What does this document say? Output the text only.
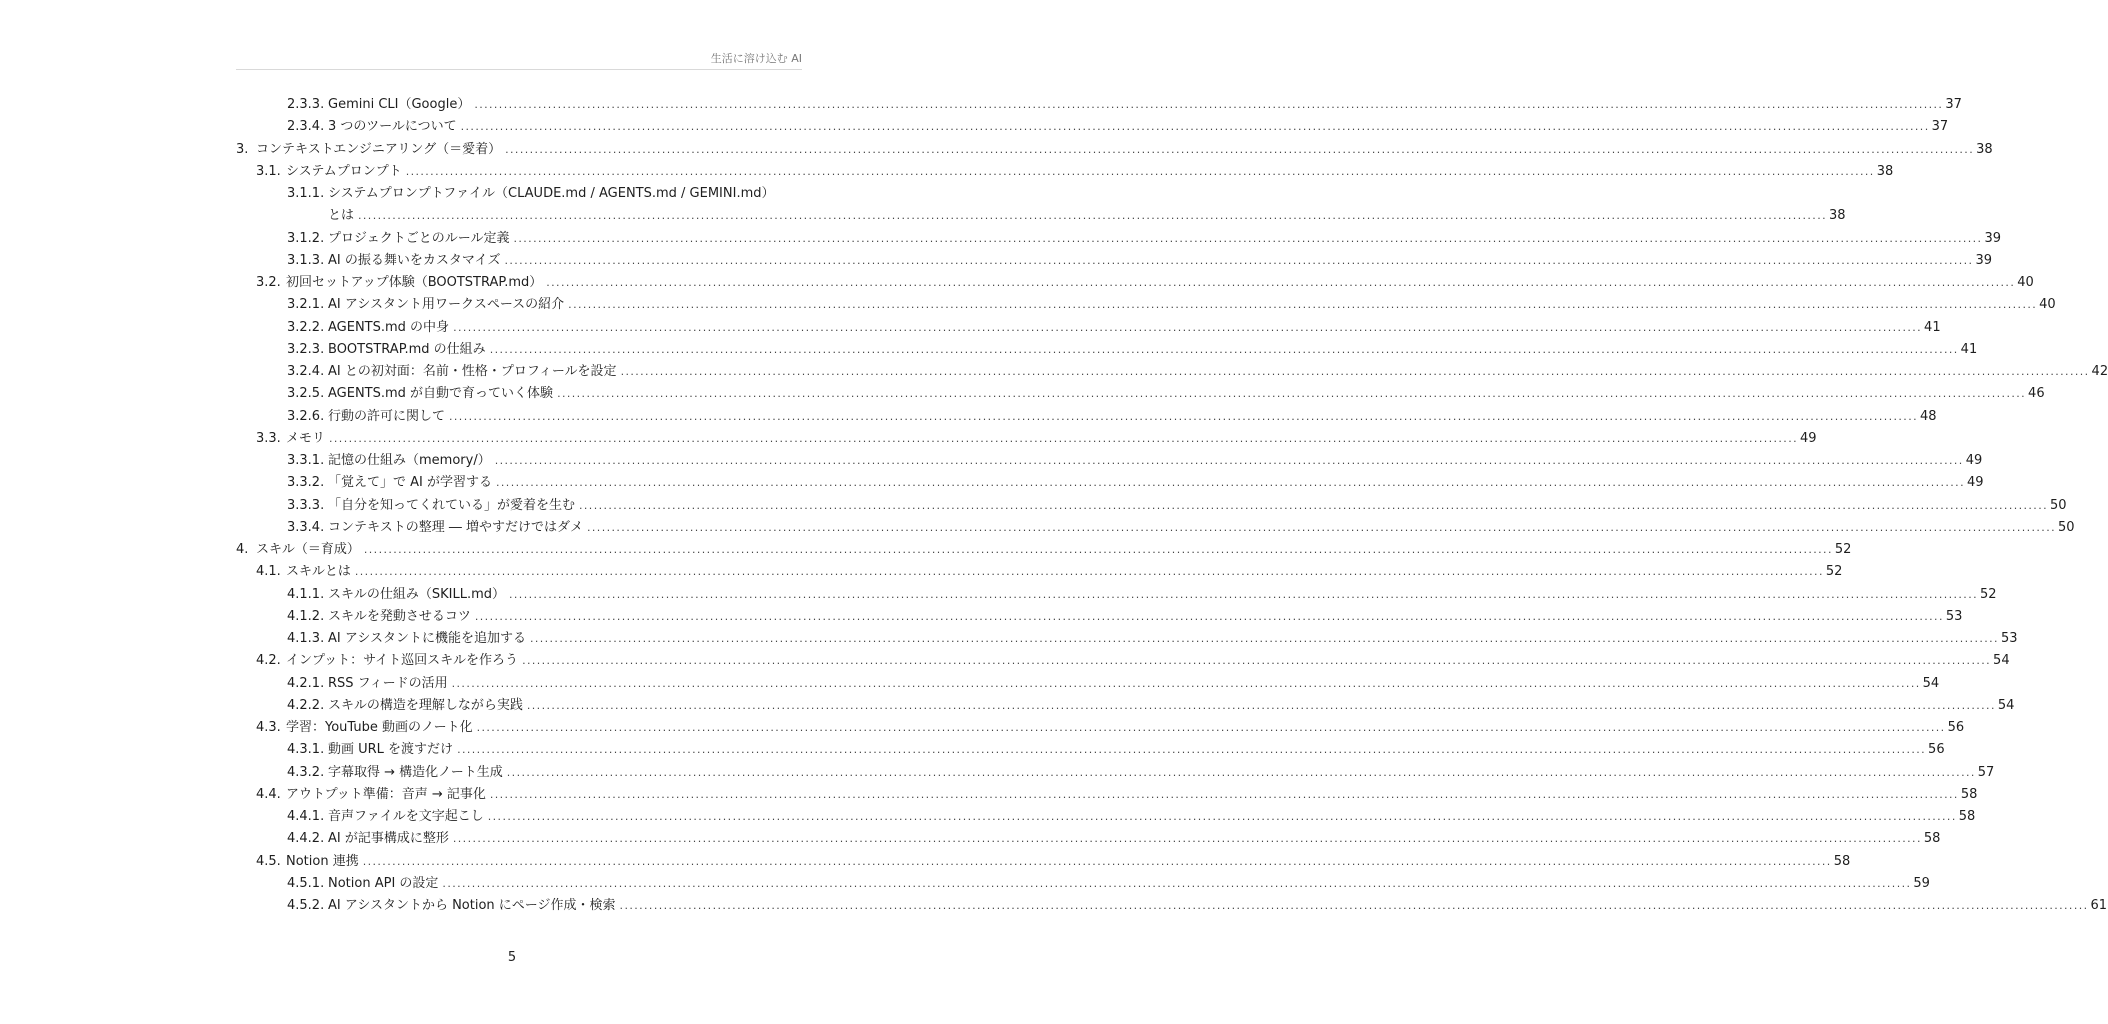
生活に溶け込む AI
2.3.3. Gemini CLI（Google） ............................................................................................................................................................................................................................................................................................................ 37
2.3.4. 3 つのツールについて ............................................................................................................................................................................................................................................................................................................ 37
3. コンテキストエンジニアリング（＝愛着） ............................................................................................................................................................................................................................................................................................................ 38
3.1. システムプロンプト ............................................................................................................................................................................................................................................................................................................ 38
3.1.1. システムプロンプトファイル（CLAUDE.md / AGENTS.md / GEMINI.md）
とは ............................................................................................................................................................................................................................................................................................................ 38
3.1.2. プロジェクトごとのルール定義 ............................................................................................................................................................................................................................................................................................................ 39
3.1.3. AI の振る舞いをカスタマイズ ............................................................................................................................................................................................................................................................................................................ 39
3.2. 初回セットアップ体験（BOOTSTRAP.md） ............................................................................................................................................................................................................................................................................................................ 40
3.2.1. AI アシスタント用ワークスペースの紹介 ............................................................................................................................................................................................................................................................................................................ 40
3.2.2. AGENTS.md の中身 ............................................................................................................................................................................................................................................................................................................ 41
3.2.3. BOOTSTRAP.md の仕組み ............................................................................................................................................................................................................................................................................................................ 41
3.2.4. AI との初対面：名前・性格・プロフィールを設定 ............................................................................................................................................................................................................................................................................................................ 42
3.2.5. AGENTS.md が自動で育っていく体験 ............................................................................................................................................................................................................................................................................................................ 46
3.2.6. 行動の許可に関して ............................................................................................................................................................................................................................................................................................................ 48
3.3. メモリ ............................................................................................................................................................................................................................................................................................................ 49
3.3.1. 記憶の仕組み（memory/） ............................................................................................................................................................................................................................................................................................................ 49
3.3.2. 「覚えて」で AI が学習する ............................................................................................................................................................................................................................................................................................................ 49
3.3.3. 「自分を知ってくれている」が愛着を生む ............................................................................................................................................................................................................................................................................................................ 50
3.3.4. コンテキストの整理 ― 増やすだけではダメ ............................................................................................................................................................................................................................................................................................................ 50
4. スキル（＝育成） ............................................................................................................................................................................................................................................................................................................ 52
4.1. スキルとは ............................................................................................................................................................................................................................................................................................................ 52
4.1.1. スキルの仕組み（SKILL.md） ............................................................................................................................................................................................................................................................................................................ 52
4.1.2. スキルを発動させるコツ ............................................................................................................................................................................................................................................................................................................ 53
4.1.3. AI アシスタントに機能を追加する ............................................................................................................................................................................................................................................................................................................ 53
4.2. インプット：サイト巡回スキルを作ろう ............................................................................................................................................................................................................................................................................................................ 54
4.2.1. RSS フィードの活用 ............................................................................................................................................................................................................................................................................................................ 54
4.2.2. スキルの構造を理解しながら実践 ............................................................................................................................................................................................................................................................................................................ 54
4.3. 学習：YouTube 動画のノート化 ............................................................................................................................................................................................................................................................................................................ 56
4.3.1. 動画 URL を渡すだけ ............................................................................................................................................................................................................................................................................................................ 56
4.3.2. 字幕取得 → 構造化ノート生成 ............................................................................................................................................................................................................................................................................................................ 57
4.4. アウトプット準備：音声 → 記事化 ............................................................................................................................................................................................................................................................................................................ 58
4.4.1. 音声ファイルを文字起こし ............................................................................................................................................................................................................................................................................................................ 58
4.4.2. AI が記事構成に整形 ............................................................................................................................................................................................................................................................................................................ 58
4.5. Notion 連携 ............................................................................................................................................................................................................................................................................................................ 58
4.5.1. Notion API の設定 ............................................................................................................................................................................................................................................................................................................ 59
4.5.2. AI アシスタントから Notion にページ作成・検索 ............................................................................................................................................................................................................................................................................................................ 61
5
